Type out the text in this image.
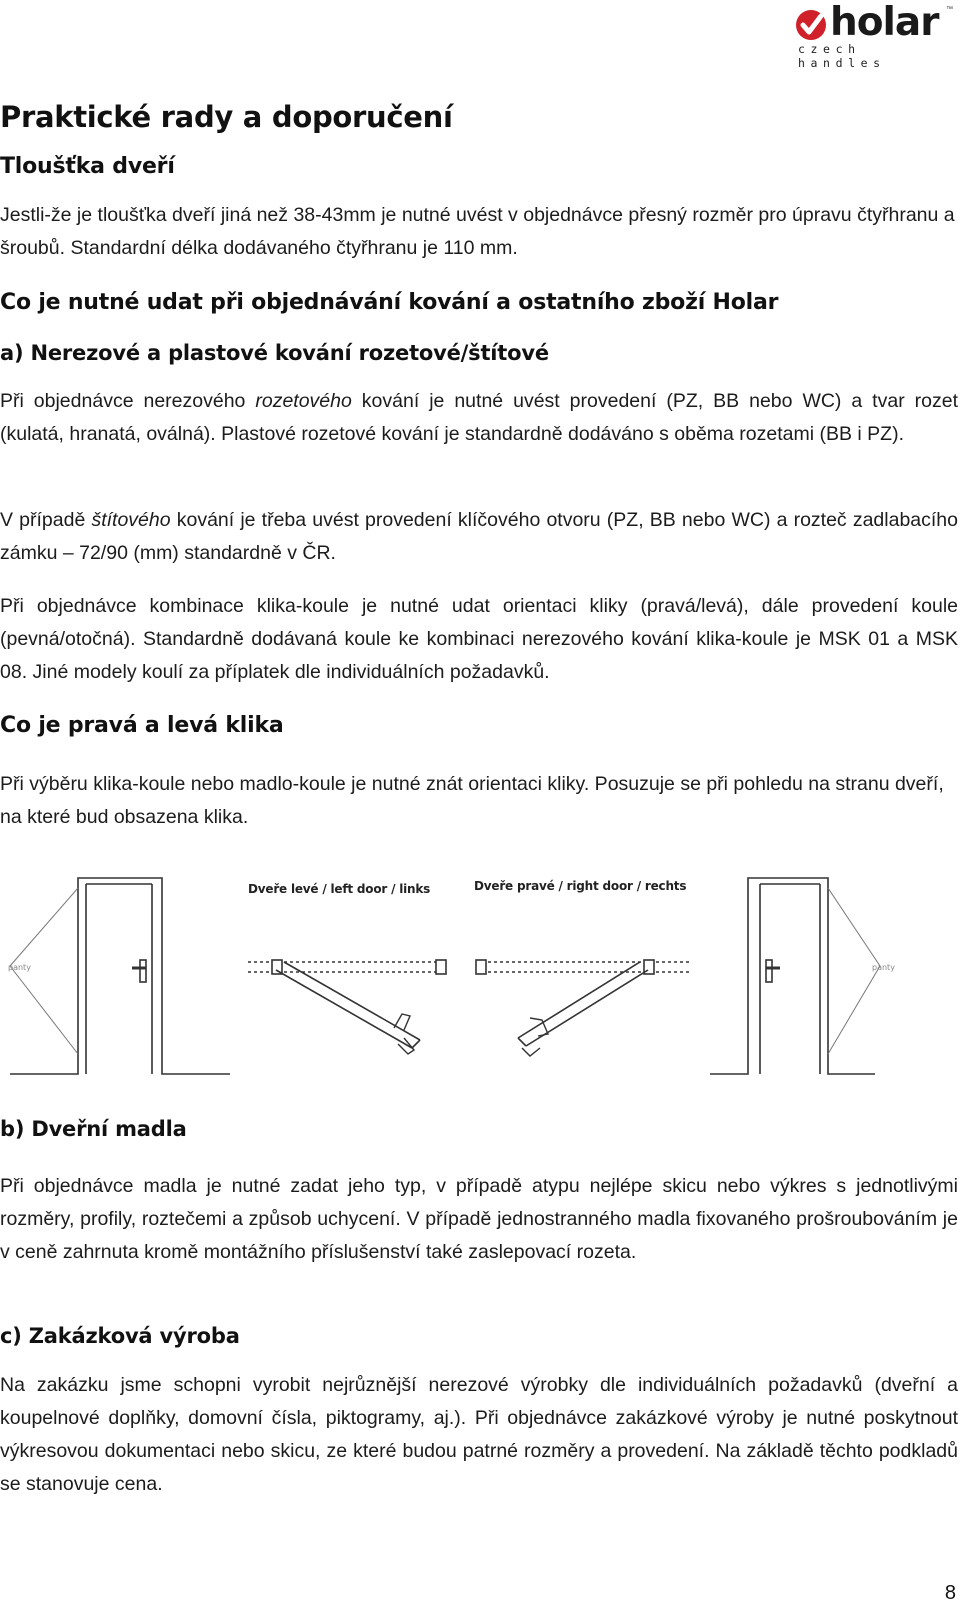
holar ™
czech handles
Praktické rady a doporučení
Tloušťka dveří

Jestli-že je tloušťka dveří jiná než 38-43mm je nutné uvést v objednávce přesný rozměr pro úpravu čtyřhranu a šroubů. Standardní délka dodávaného čtyřhranu je 110 mm.

Co je nutné udat při objednávání kování a ostatního zboží Holar
a) Nerezové a plastové kování rozetové/štítové

Při objednávce nerezového rozetového kování je nutné uvést provedení (PZ, BB nebo WC) a tvar rozet (kulatá, hranatá, oválná). Plastové rozetové kování je standardně dodáváno s oběma rozetami (BB i PZ).

V případě štítového kování je třeba uvést provedení klíčového otvoru (PZ, BB nebo WC) a rozteč zadlabacího zámku – 72/90 (mm) standardně v ČR.

Při objednávce kombinace klika-koule je nutné udat orientaci kliky (pravá/levá), dále provedení koule (pevná/otočná). Standardně dodávaná koule ke kombinaci nerezového kování klika-koule je MSK 01 a MSK 08. Jiné modely koulí za příplatek dle individuálních požadavků.

Co je pravá a levá klika

Při výběru klika-koule nebo madlo-koule je nutné znát orientaci kliky. Posuzuje se při pohledu na stranu dveří, na které bud obsazena klika.

Dveře levé / left door / links	Dveře pravé / right door / rechts
panty	panty
b) Dveřní madla

Při objednávce madla je nutné zadat jeho typ, v případě atypu nejlépe skicu nebo výkres s jednotlivými rozměry, profily, roztečemi a způsob uchycení. V případě jednostranného madla fixovaného prošroubováním je v ceně zahrnuta kromě montážního příslušenství také zaslepovací rozeta.

c) Zakázková výroba

Na zakázku jsme schopni vyrobit nejrůznější nerezové výrobky dle individuálních požadavků (dveřní a koupelnové doplňky, domovní čísla, piktogramy, aj.). Při objednávce zakázkové výroby je nutné poskytnout výkresovou dokumentaci nebo skicu, ze které budou patrné rozměry a provedení. Na základě těchto podkladů se stanovuje cena.

8
